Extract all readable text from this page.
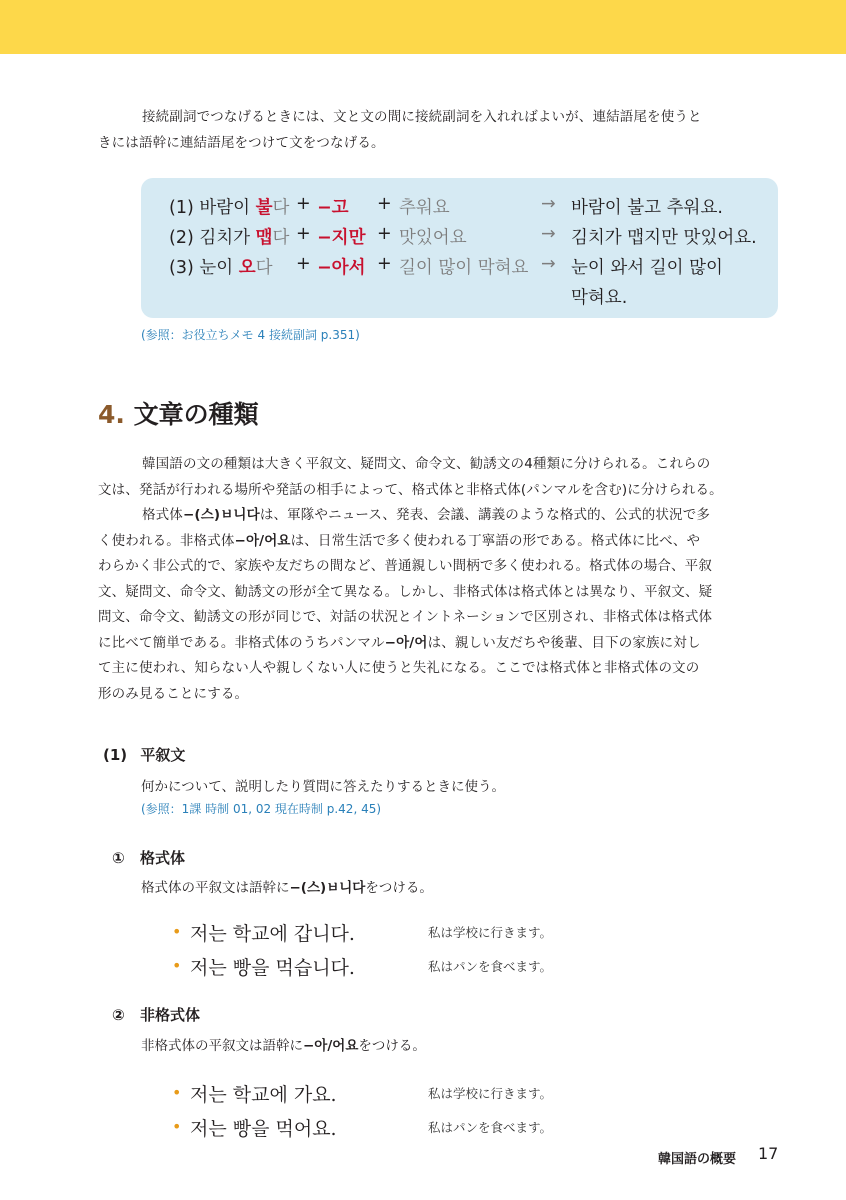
接続副詞でつなげるときには、文と文の間に接続副詞を入れればよいが、連結語尾を使うと
きには語幹に連結語尾をつけて文をつなげる。
(1) 바람이 불다 + −고 + 추워요	→ 바람이 불고 추워요.
(2) 김치가 맵다 + −지만 + 맛있어요	→ 김치가 맵지만 맛있어요.
(3) 눈이 오다 + −아서 + 길이 많이 막혀요 → 눈이 와서 길이 많이
막혀요.
(参照：お役立ちメモ 4 接続副詞 p.351)
4. 文章の種類
韓国語の文の種類は大きく平叙文、疑問文、命令文、勧誘文の4種類に分けられる。これらの
文は、発話が行われる場所や発話の相手によって、格式体と非格式体(パンマルを含む)に分けられる。
格式体−(스)ㅂ니다は、軍隊やニュース、発表、会議、講義のような格式的、公式的状況で多
く使われる。非格式体−아/어요は、日常生活で多く使われる丁寧語の形である。格式体に比べ、や
わらかく非公式的で、家族や友だちの間など、普通親しい間柄で多く使われる。格式体の場合、平叙
文、疑問文、命令文、勧誘文の形が全て異なる。しかし、非格式体は格式体とは異なり、平叙文、疑
問文、命令文、勧誘文の形が同じで、対話の状況とイントネーションで区別され、非格式体は格式体
に比べて簡単である。非格式体のうちパンマル−아/어は、親しい友だちや後輩、目下の家族に対し
て主に使われ、知らない人や親しくない人に使うと失礼になる。ここでは格式体と非格式体の文の
形のみ見ることにする。
(1) 平叙文
何かについて、説明したり質問に答えたりするときに使う。
(参照：1課 時制 01, 02 現在時制 p.42, 45)
① 格式体
格式体の平叙文は語幹に−(스)ㅂ니다をつける。
• 저는 학교에 갑니다.	私は学校に行きます。
• 저는 빵을 먹습니다.	私はパンを食べます。
② 非格式体
非格式体の平叙文は語幹に−아/어요をつける。
• 저는 학교에 가요.	私は学校に行きます。
• 저는 빵을 먹어요.	私はパンを食べます。
韓国語の概要 17
